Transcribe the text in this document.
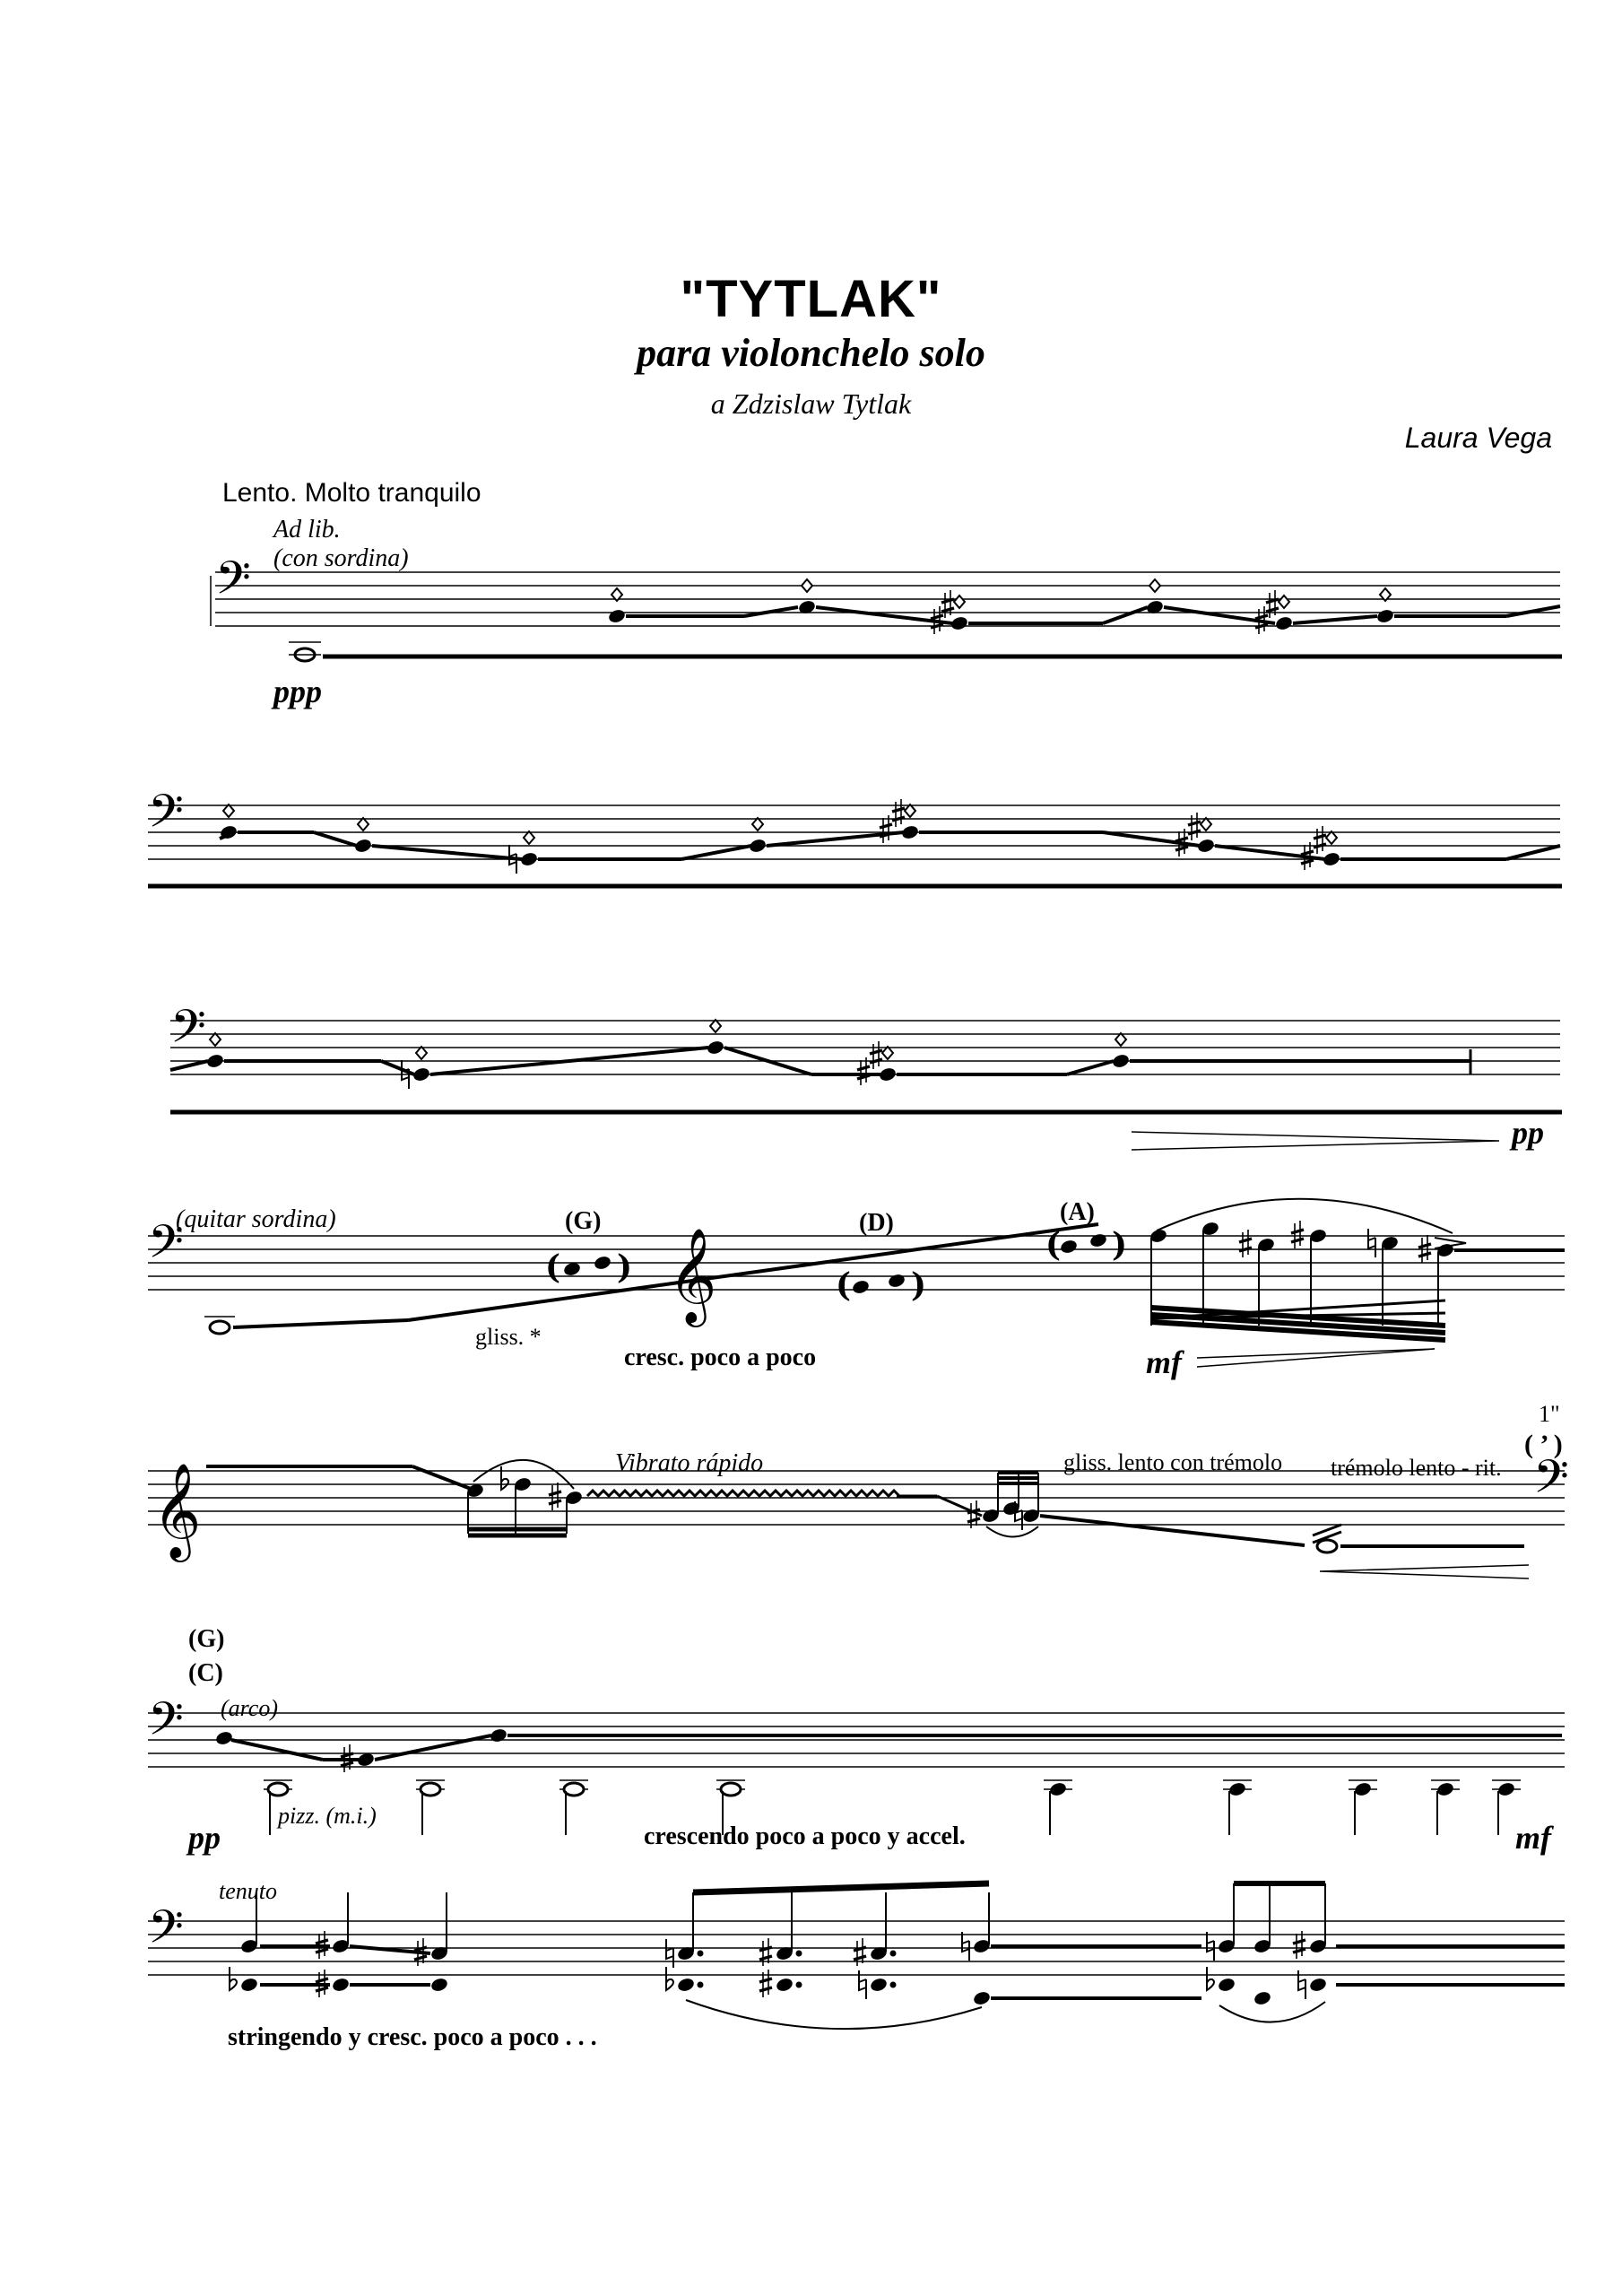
𝄢
𝄢
𝄢
𝄢	𝄞
( )	( )
( )
𝄞	𝄢
𝄢
𝄢
"TYTLAK"
para violonchelo solo
a Zdzislaw Tytlak
Laura Vega
Lento. Molto tranquilo
Ad lib.
(con sordina)
ppp
pp
(quitar sordina)	(G)	(D)	(A)
gliss. *
cresc. poco a poco	mf
Vibrato rápido	gliss. lento con trémolo trémolo lento - rit.
1"
( ’ )
(G)
(C)
(arco)
pizz. (m.i.)
pp	crescendo poco a poco y accel.	mf
tenuto
stringendo y cresc. poco a poco . . .
